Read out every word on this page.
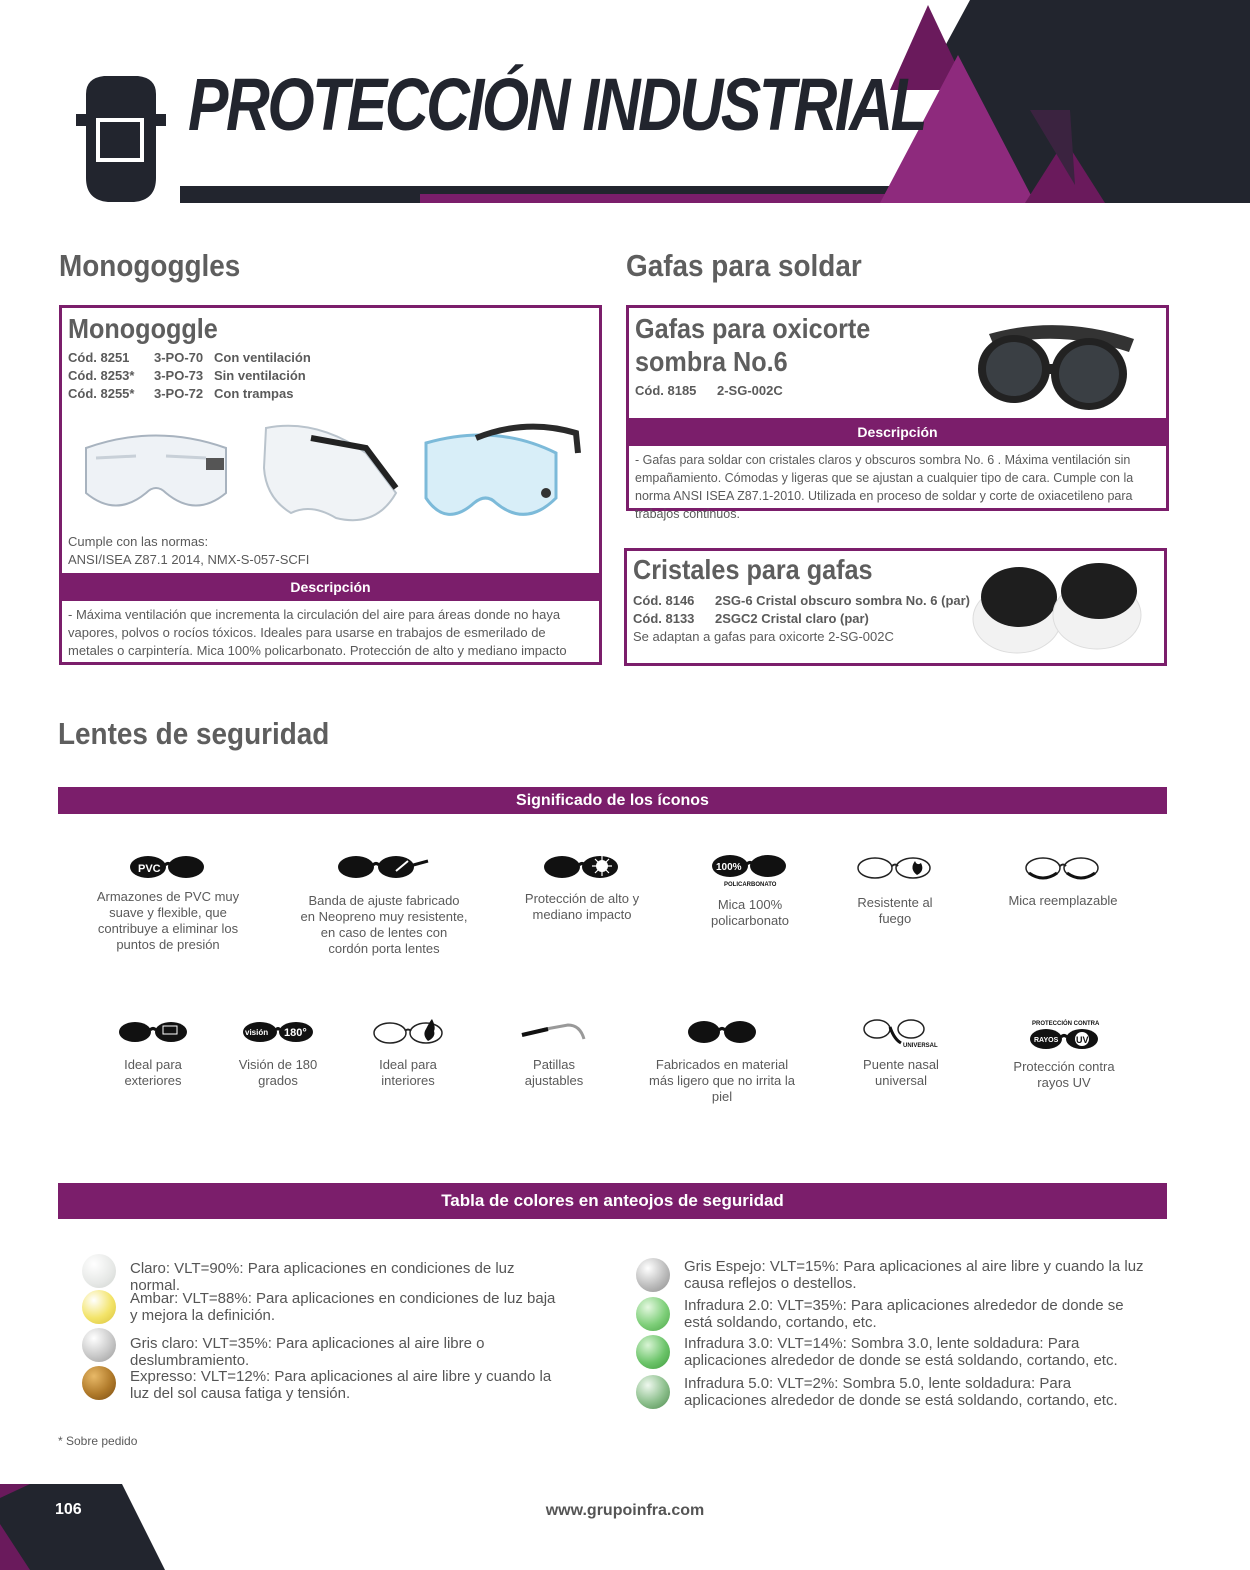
PROTECCIÓN INDUSTRIAL
Monogoggles
Monogoggle
Cód. 8251 3-PO-70 Con ventilación
Cód. 8253* 3-PO-73 Sin ventilación
Cód. 8255* 3-PO-72 Con trampas
Cumple con las normas:
ANSI/ISEA Z87.1 2014, NMX-S-057-SCFI
Descripción
- Máxima ventilación que incrementa la circulación del aire para áreas donde no haya vapores, polvos o rocíos tóxicos. Ideales para usarse en trabajos de esmerilado de metales o carpintería. Mica 100% policarbonato. Protección de alto y mediano impacto
Gafas para soldar
Gafas para oxicorte
sombra No.6
Cód. 8185 2-SG-002C
Descripción
- Gafas para soldar con cristales claros y obscuros sombra No. 6 . Máxima ventilación sin empañamiento. Cómodas y ligeras que se ajustan a cualquier tipo de cara. Cumple con la norma ANSI ISEA Z87.1-2010. Utilizada en proceso de soldar y corte de oxiacetileno para trabajos continuos.
Cristales para gafas
Cód. 8146 2SG-6 Cristal obscuro sombra No. 6 (par)
Cód. 8133 2SGC2 Cristal claro (par)
Se adaptan a gafas para oxicorte 2-SG-002C
Lentes de seguridad
Significado de los íconos
PVC
Armazones de PVC muy suave y flexible, que contribuye a eliminar los puntos de presión
Banda de ajuste fabricado en Neopreno muy resistente, en caso de lentes con cordón porta lentes
Protección de alto y mediano impacto
100%
POLICARBONATO
Mica 100% policarbonato
Resistente al fuego
Mica reemplazable
Ideal para exteriores
visión 180°
Visión de 180 grados
Ideal para interiores
Patillas ajustables
Fabricados en material más ligero que no irrita la piel
UNIVERSAL
Puente nasal universal
PROTECCIÓN CONTRA
RAYOS UV
Protección contra rayos UV
Tabla de colores en anteojos de seguridad
Claro: VLT=90%: Para aplicaciones en condiciones de luz normal.
Ambar: VLT=88%: Para aplicaciones en condiciones de luz baja y mejora la definición.
Gris claro: VLT=35%: Para aplicaciones al aire libre o deslumbramiento.
Expresso: VLT=12%: Para aplicaciones al aire libre y cuando la luz del sol causa fatiga y tensión.
Gris Espejo: VLT=15%: Para aplicaciones al aire libre y cuando la luz causa reflejos o destellos.
Infradura 2.0: VLT=35%: Para aplicaciones alrededor de donde se está soldando, cortando, etc.
Infradura 3.0: VLT=14%: Sombra 3.0, lente soldadura: Para aplicaciones alrededor de donde se está soldando, cortando, etc.
Infradura 5.0: VLT=2%: Sombra 5.0, lente soldadura: Para aplicaciones alrededor de donde se está soldando, cortando, etc.
* Sobre pedido
106	www.grupoinfra.com
